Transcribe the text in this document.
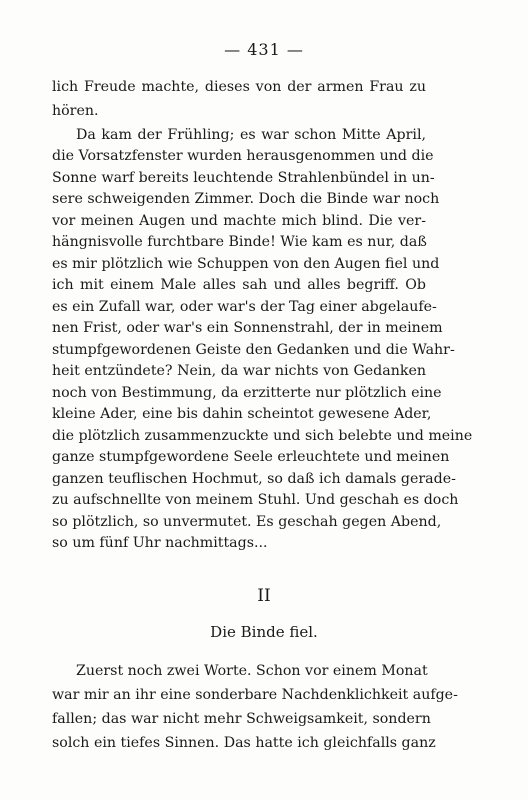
— 431 —
lich Freude machte, dieses von der armen Frau zu
hören.
Da kam der Frühling; es war schon Mitte April,
die Vorsatzfenster wurden herausgenommen und die
Sonne warf bereits leuchtende Strahlenbündel in un-
sere schweigenden Zimmer. Doch die Binde war noch
vor meinen Augen und machte mich blind. Die ver-
hängnisvolle furchtbare Binde! Wie kam es nur, daß
es mir plötzlich wie Schuppen von den Augen fiel und
ich mit einem Male alles sah und alles begriff. Ob
es ein Zufall war, oder war's der Tag einer abgelaufe-
nen Frist, oder war's ein Sonnenstrahl, der in meinem
stumpfgewordenen Geiste den Gedanken und die Wahr-
heit entzündete? Nein, da war nichts von Gedanken
noch von Bestimmung, da erzitterte nur plötzlich eine
kleine Ader, eine bis dahin scheintot gewesene Ader,
die plötzlich zusammenzuckte und sich belebte und meine
ganze stumpfgewordene Seele erleuchtete und meinen
ganzen teuflischen Hochmut, so daß ich damals gerade-
zu aufschnellte von meinem Stuhl. Und geschah es doch
so plötzlich, so unvermutet. Es geschah gegen Abend,
II
Die Binde fiel.
Zuerst noch zwei Worte. Schon vor einem Monat
war mir an ihr eine sonderbare Nachdenklichkeit aufge-
fallen; das war nicht mehr Schweigsamkeit, sondern
solch ein tiefes Sinnen. Das hatte ich gleichfalls ganz
so um fünf Uhr nachmittags...
